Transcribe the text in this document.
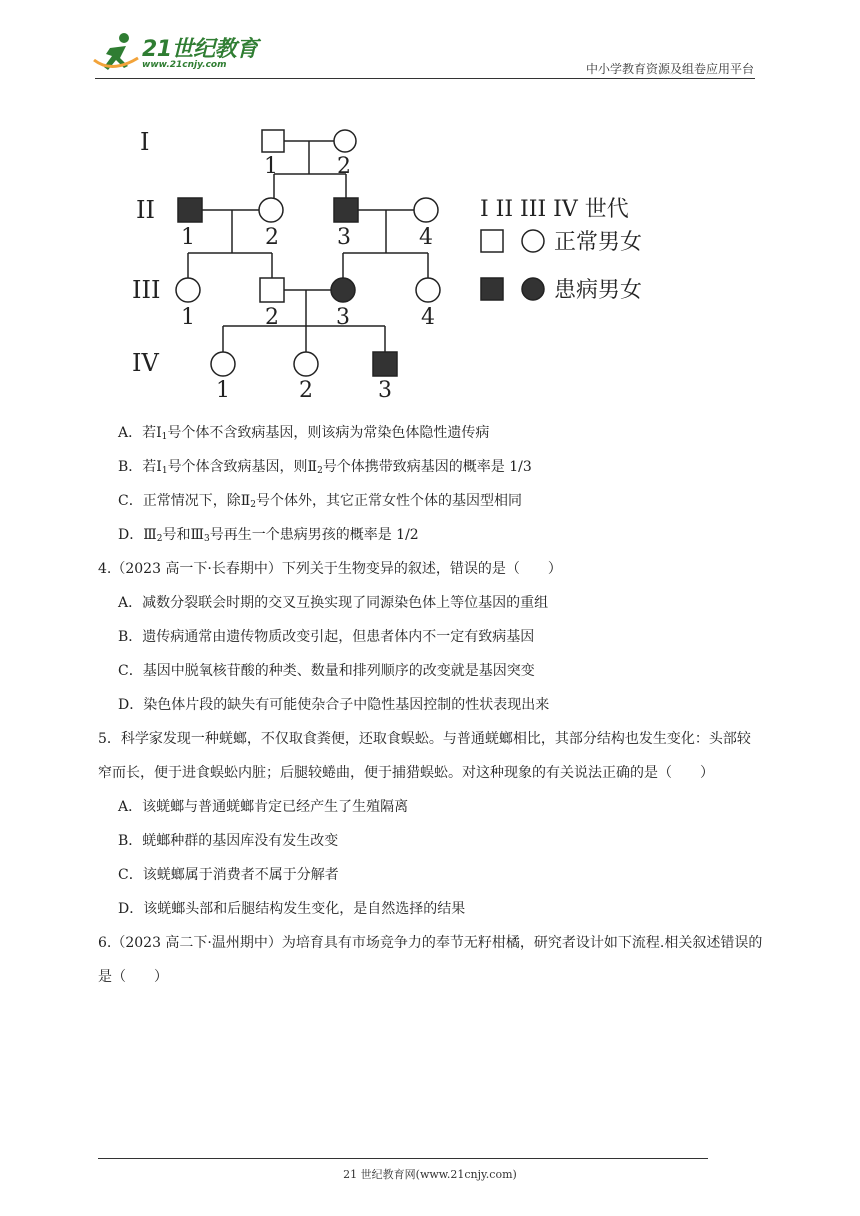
21世纪教育
www.21cnjy.com	中小学教育资源及组卷应用平台
I
II
III
IV
1	2
1	2	3	4
1	2	3	4
1	2	3
I II III IV 世代
正常男女
患病男女
A．若$Ⅰ_1$号个体不含致病基因，则该病为常染色体隐性遗传病
B．若$Ⅰ_1$号个体含致病基因，则$Ⅱ_2$号个体携带致病基因的概率是 1/3
C．正常情况下，除$Ⅱ_2$号个体外，其它正常女性个体的基因型相同
D．$Ⅲ_2$号和$Ⅲ_3$号再生一个患病男孩的概率是 1/2
4.（2023 高一下·长春期中）下列关于生物变异的叙述，错误的是（　　）
A．减数分裂联会时期的交叉互换实现了同源染色体上等位基因的重组
B．遗传病通常由遗传物质改变引起，但患者体内不一定有致病基因
C．基因中脱氧核苷酸的种类、数量和排列顺序的改变就是基因突变
D．染色体片段的缺失有可能使杂合子中隐性基因控制的性状表现出来
5．科学家发现一种蜣螂，不仅取食粪便，还取食蜈蚣。与普通蜣螂相比，其部分结构也发生变化：头部较窄而长，便于进食蜈蚣内脏；后腿较蜷曲，便于捕猎蜈蚣。对这种现象的有关说法正确的是（　　）
A．该蜣螂与普通蜣螂肯定已经产生了生殖隔离
B．蜣螂种群的基因库没有发生改变
C．该蜣螂属于消费者不属于分解者
D．该蜣螂头部和后腿结构发生变化，是自然选择的结果
6.（2023 高二下·温州期中）为培育具有市场竞争力的奉节无籽柑橘，研究者设计如下流程.相关叙述错误的是（　　）
21 世纪教育网(www.21cnjy.com)
